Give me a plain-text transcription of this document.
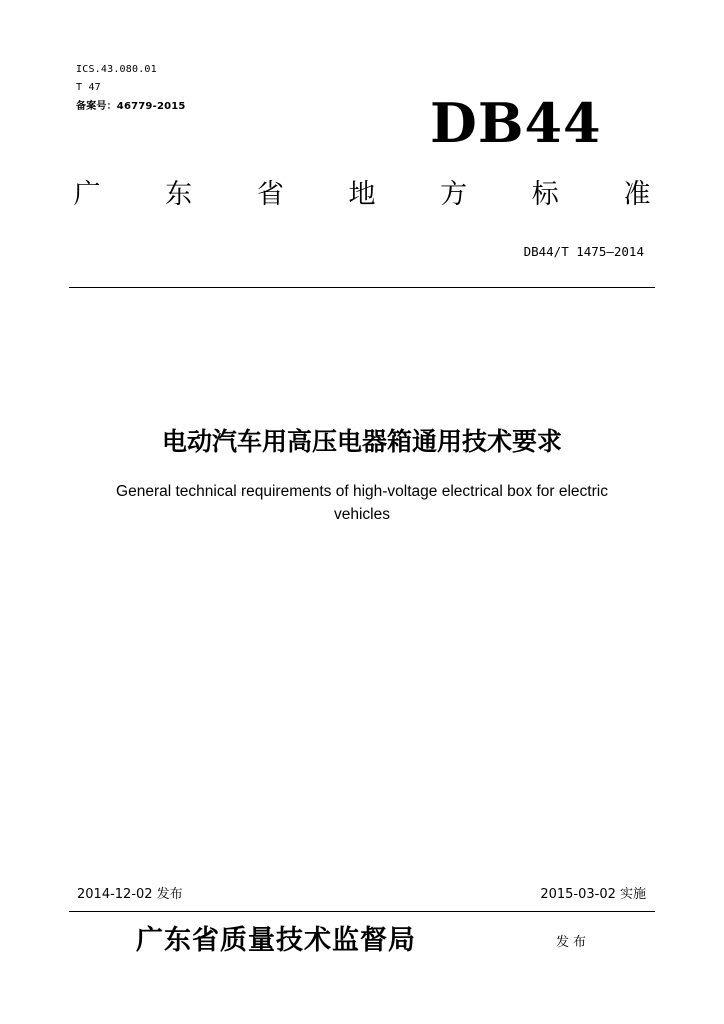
ICS.43.080.01
T 47
备案号：46779-2015	DB44
广 东 省 地 方 标 准
DB44/T 1475—2014
电动汽车用高压电器箱通用技术要求
General technical requirements of high-voltage electrical box for electric
vehicles
2014-12-02 发布	2015-03-02 实施
广东省质量技术监督局	发布
